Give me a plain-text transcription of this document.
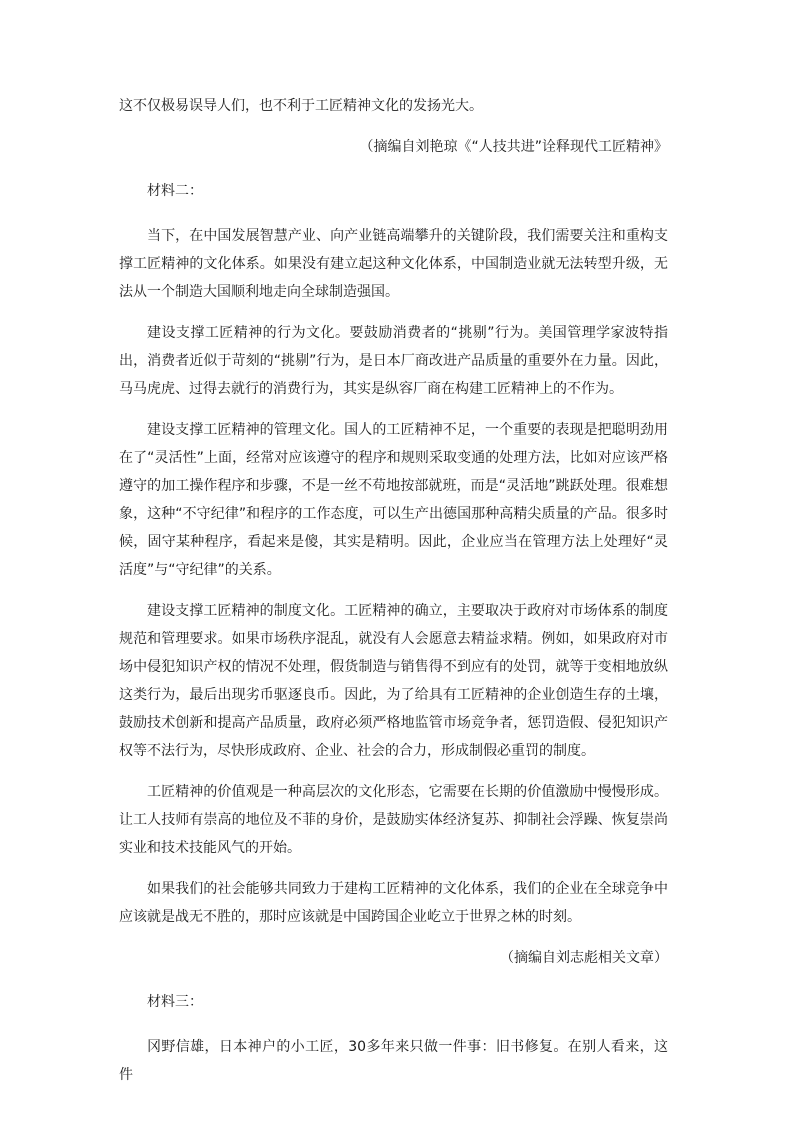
这不仅极易误导人们，也不利于工匠精神文化的发扬光大。

（摘编自刘艳琼《“人技共进”诠释现代工匠精神》

材料二：

当下，在中国发展智慧产业、向产业链高端攀升的关键阶段，我们需要关注和重构支撑工匠精神的文化体系。如果没有建立起这种文化体系，中国制造业就无法转型升级，无法从一个制造大国顺利地走向全球制造强国。

建设支撑工匠精神的行为文化。要鼓励消费者的“挑剔”行为。美国管理学家波特指出，消费者近似于苛刻的“挑剔”行为，是日本厂商改进产品质量的重要外在力量。因此，马马虎虎、过得去就行的消费行为，其实是纵容厂商在构建工匠精神上的不作为。

建设支撑工匠精神的管理文化。国人的工匠精神不足，一个重要的表现是把聪明劲用在了“灵活性”上面，经常对应该遵守的程序和规则采取变通的处理方法，比如对应该严格遵守的加工操作程序和步骤，不是一丝不苟地按部就班，而是“灵活地”跳跃处理。很难想象，这种“不守纪律”和程序的工作态度，可以生产出德国那种高精尖质量的产品。很多时候，固守某种程序，看起来是傻，其实是精明。因此，企业应当在管理方法上处理好“灵活度”与“守纪律”的关系。

建设支撑工匠精神的制度文化。工匠精神的确立，主要取决于政府对市场体系的制度规范和管理要求。如果市场秩序混乱，就没有人会愿意去精益求精。例如，如果政府对市场中侵犯知识产权的情况不处理，假货制造与销售得不到应有的处罚，就等于变相地放纵这类行为，最后出现劣币驱逐良币。因此，为了给具有工匠精神的企业创造生存的土壤，鼓励技术创新和提高产品质量，政府必须严格地监管市场竞争者，惩罚造假、侵犯知识产权等不法行为，尽快形成政府、企业、社会的合力，形成制假必重罚的制度。

工匠精神的价值观是一种高层次的文化形态，它需要在长期的价值激励中慢慢形成。让工人技师有崇高的地位及不菲的身价，是鼓励实体经济复苏、抑制社会浮躁、恢复崇尚实业和技术技能风气的开始。

如果我们的社会能够共同致力于建构工匠精神的文化体系，我们的企业在全球竞争中应该就是战无不胜的，那时应该就是中国跨国企业屹立于世界之林的时刻。

（摘编自刘志彪相关文章）

材料三：

冈野信雄，日本神户的小工匠，30多年来只做一件事：旧书修复。在别人看来，这件
